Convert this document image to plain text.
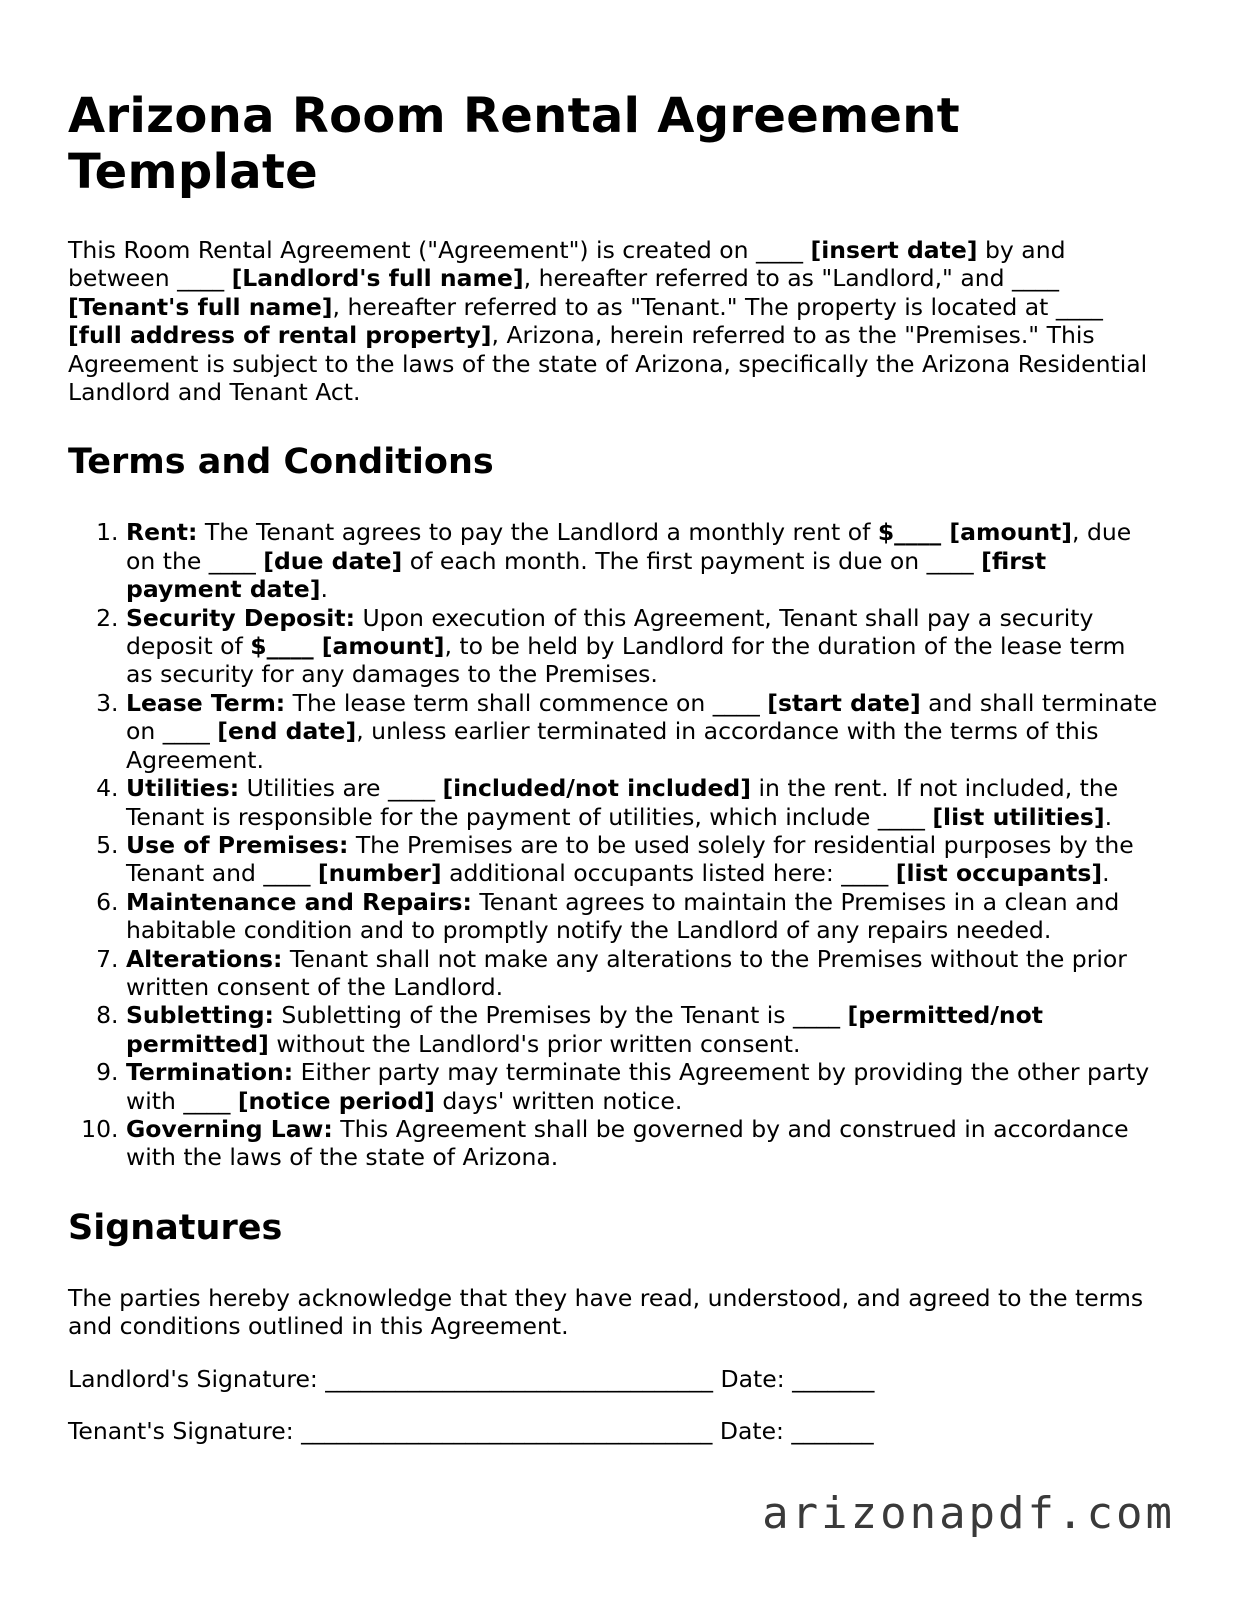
Arizona Room Rental Agreement Template

This Room Rental Agreement ("Agreement") is created on ____ [insert date] by and between ____ [Landlord's full name], hereafter referred to as "Landlord," and ____ [Tenant's full name], hereafter referred to as "Tenant." The property is located at ____ [full address of rental property], Arizona, herein referred to as the "Premises." This Agreement is subject to the laws of the state of Arizona, specifically the Arizona Residential Landlord and Tenant Act.

Terms and Conditions
1. Rent: The Tenant agrees to pay the Landlord a monthly rent of $____ [amount], due on the ____ [due date] of each month. The first payment is due on ____ [first payment date].
2. Security Deposit: Upon execution of this Agreement, Tenant shall pay a security deposit of $____ [amount], to be held by Landlord for the duration of the lease term as security for any damages to the Premises.
3. Lease Term: The lease term shall commence on ____ [start date] and shall terminate on ____ [end date], unless earlier terminated in accordance with the terms of this Agreement.
4. Utilities: Utilities are ____ [included/not included] in the rent. If not included, the Tenant is responsible for the payment of utilities, which include ____ [list utilities].
5. Use of Premises: The Premises are to be used solely for residential purposes by the Tenant and ____ [number] additional occupants listed here: ____ [list occupants].
6. Maintenance and Repairs: Tenant agrees to maintain the Premises in a clean and habitable condition and to promptly notify the Landlord of any repairs needed.
7. Alterations: Tenant shall not make any alterations to the Premises without the prior written consent of the Landlord.
8. Subletting: Subletting of the Premises by the Tenant is ____ [permitted/not permitted] without the Landlord's prior written consent.
9. Termination: Either party may terminate this Agreement by providing the other party with ____ [notice period] days' written notice.
10. Governing Law: This Agreement shall be governed by and construed in accordance with the laws of the state of Arizona.
Signatures

The parties hereby acknowledge that they have read, understood, and agreed to the terms and conditions outlined in this Agreement.

Landlord's Signature: _________________________________ Date: _______

Tenant's Signature: ___________________________________ Date: _______

arizonapdf.com
